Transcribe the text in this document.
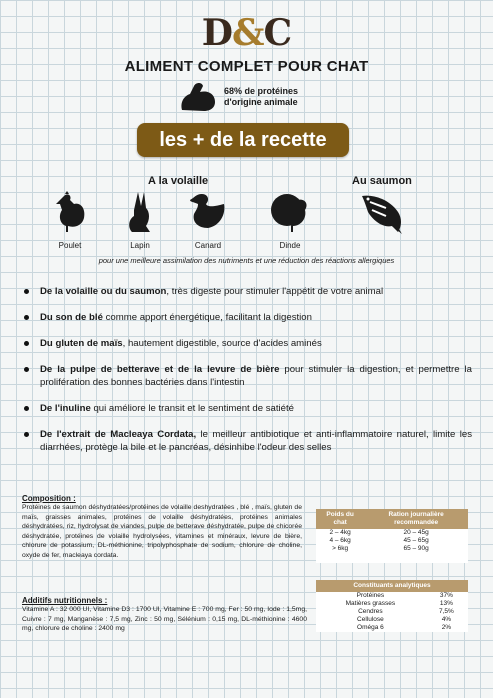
D&C
ALIMENT COMPLET POUR CHAT
68% de protéines
d'origine animale
les + de la recette
A la volaille	Au saumon
Poulet	Lapin	Canard	Dinde
pour une meilleure assimilation des nutriments et une réduction des réactions allergiques
De la volaille ou du saumon, très digeste pour stimuler l'appétit de votre animal
Du son de blé comme apport énergétique, facilitant la digestion
Du gluten de maïs, hautement digestible, source d'acides aminés
De la pulpe de betterave et de la levure de bière pour stimuler la digestion, et permettre la prolifération des bonnes bactéries dans l'intestin
De l'inuline qui améliore le transit et le sentiment de satiété
De l'extrait de Macleaya Cordata, le meilleur antibiotique et anti-inflammatoire naturel, limite les diarrhées, protège la bile et le pancréas, désinhibe l'odeur des selles
Composition :
Protéines de saumon déshydratées/protéines de volaille deshydratées , blé , maïs, gluten de maïs, graisses animales, protéines de volaille déshydratées, protéines animales déshydratées, riz, hydrolysat de viandes, pulpe de betterave déshydratée, pulpe de chicorée déshydratée, protéines de volaille hydrolysées, vitamines et minéraux, levure de bière, chlorure de potassium, DL-méthionine, tripolyphosphate de sodium, chlorure de choline, oxyde de fer, macleaya cordata.
Additifs nutritionnels :
Vitamine A : 32 000 UI, Vitamine D3 : 1700 UI, Vitamine E : 700 mg, Fer : 50 mg, Iode : 1,5mg, Cuivre : 7 mg, Manganèse : 7,5 mg, Zinc : 50 mg, Sélénium : 0,15 mg, DL-méthionine : 4600 mg, chlorure de choline : 2400 mg
Poids du chat	Ration journalière recommandée
2 – 4kg	20 – 45g
4 – 6kg	45 – 65g
> 6kg	65 – 90g
Constituants analytiques	
Protéines	37%
Matières grasses	13%
Cendres	7,5%
Cellulose	4%
Oméga 6	2%
